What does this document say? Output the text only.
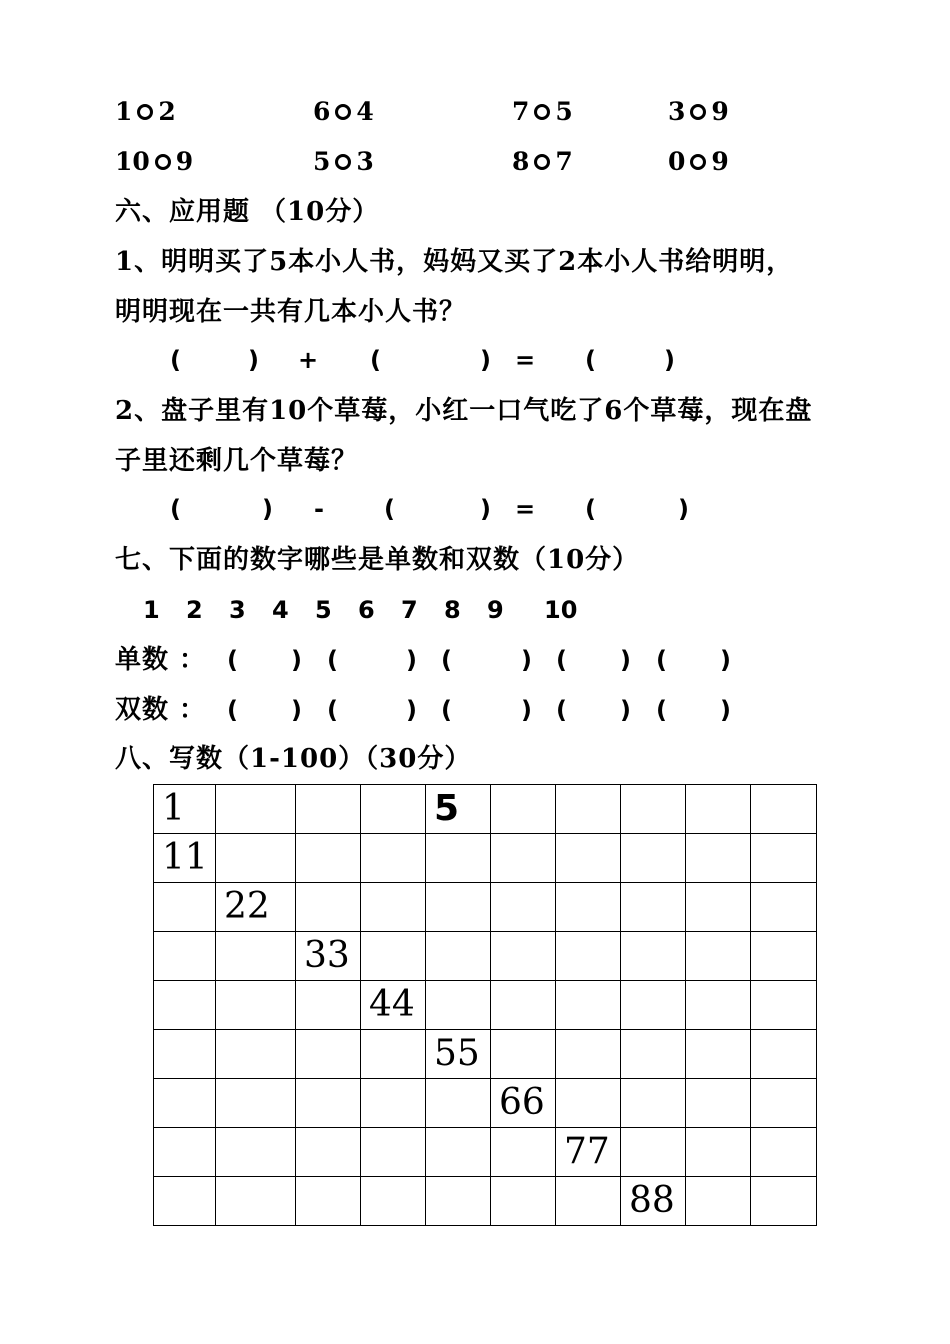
1 2	6 4	7 5	3 9
10 9	5 3	8 7	0 9
六、应用题 （10分）
1、明明买了5本小人书，妈妈又买了2本小人书给明明，
明明现在一共有几本小人书？
(	) + (	) = (	)
2、盘子里有10个草莓，小红一口气吃了6个草莓，现在盘
子里还剩几个草莓？
(	) -	(	) = (	)
七、下面的数字哪些是单数和双数（10分）
1 2 3 4 5 6 7 8 9 10
单数 ： ( ) (	) (	) ( ) ( )
双数 ： ( ) (	) (	) ( ) ( )
八、写数（1-100）（30分）
1				5					
11									
	22								
		33							
			44						
				55					
					66				
						77			
							88		
